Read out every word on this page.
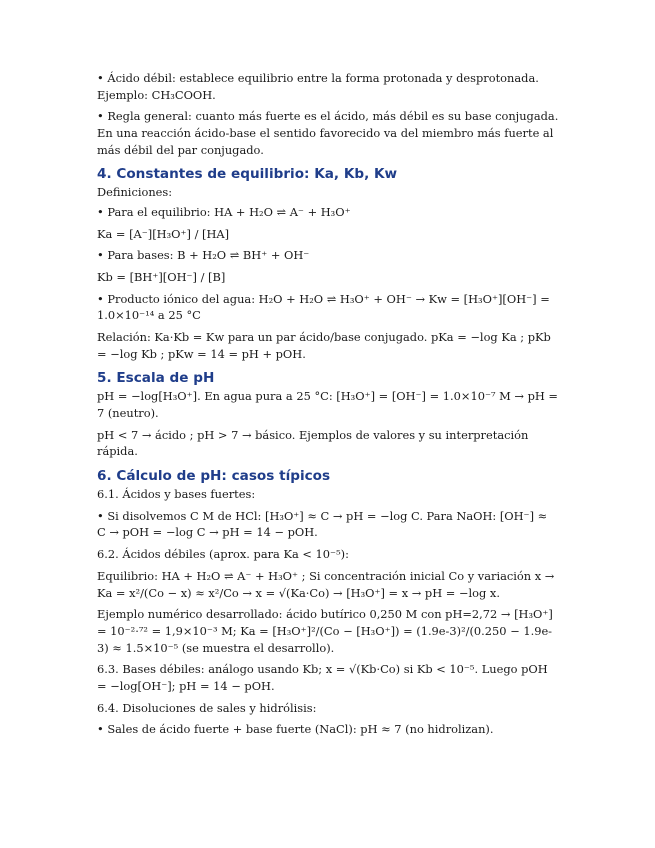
• Ácido débil: establece equilibrio entre la forma protonada y desprotonada. Ejemplo: CH₃COOH.

• Regla general: cuanto más fuerte es el ácido, más débil es su base conjugada. En una reacción ácido-base el sentido favorecido va del miembro más fuerte al más débil del par conjugado.

4. Constantes de equilibrio: Ka, Kb, Kw

Definiciones:

• Para el equilibrio: HA + H₂O ⇌ A⁻ + H₃O⁺

Ka = [A⁻][H₃O⁺] / [HA]

• Para bases: B + H₂O ⇌ BH⁺ + OH⁻

Kb = [BH⁺][OH⁻] / [B]

• Producto iónico del agua: H₂O + H₂O ⇌ H₃O⁺ + OH⁻ → Kw = [H₃O⁺][OH⁻] = 1.0×10⁻¹⁴ a 25 °C

Relación: Ka·Kb = Kw para un par ácido/base conjugado. pKa = −log Ka ; pKb = −log Kb ; pKw = 14 = pH + pOH.

5. Escala de pH

pH = −log[H₃O⁺]. En agua pura a 25 °C: [H₃O⁺] = [OH⁻] = 1.0×10⁻⁷ M → pH = 7 (neutro).

pH < 7 → ácido ; pH > 7 → básico. Ejemplos de valores y su interpretación rápida.

6. Cálculo de pH: casos típicos

6.1. Ácidos y bases fuertes:

• Si disolvemos C M de HCl: [H₃O⁺] ≈ C → pH = −log C. Para NaOH: [OH⁻] ≈ C → pOH = −log C → pH = 14 − pOH.

6.2. Ácidos débiles (aprox. para Ka < 10⁻⁵):

Equilibrio: HA + H₂O ⇌ A⁻ + H₃O⁺ ; Si concentración inicial Co y variación x → Ka = x²/(Co − x) ≈ x²/Co → x = √(Ka·Co) → [H₃O⁺] = x → pH = −log x.

Ejemplo numérico desarrollado: ácido butírico 0,250 M con pH=2,72 → [H₃O⁺] = 10⁻²·⁷² = 1,9×10⁻³ M; Ka = [H₃O⁺]²/(Co − [H₃O⁺]) = (1.9e-3)²/(0.250 − 1.9e-3) ≈ 1.5×10⁻⁵ (se muestra el desarrollo).

6.3. Bases débiles: análogo usando Kb; x = √(Kb·Co) si Kb < 10⁻⁵. Luego pOH = −log[OH⁻]; pH = 14 − pOH.

6.4. Disoluciones de sales y hidrólisis:

• Sales de ácido fuerte + base fuerte (NaCl): pH ≈ 7 (no hidrolizan).
